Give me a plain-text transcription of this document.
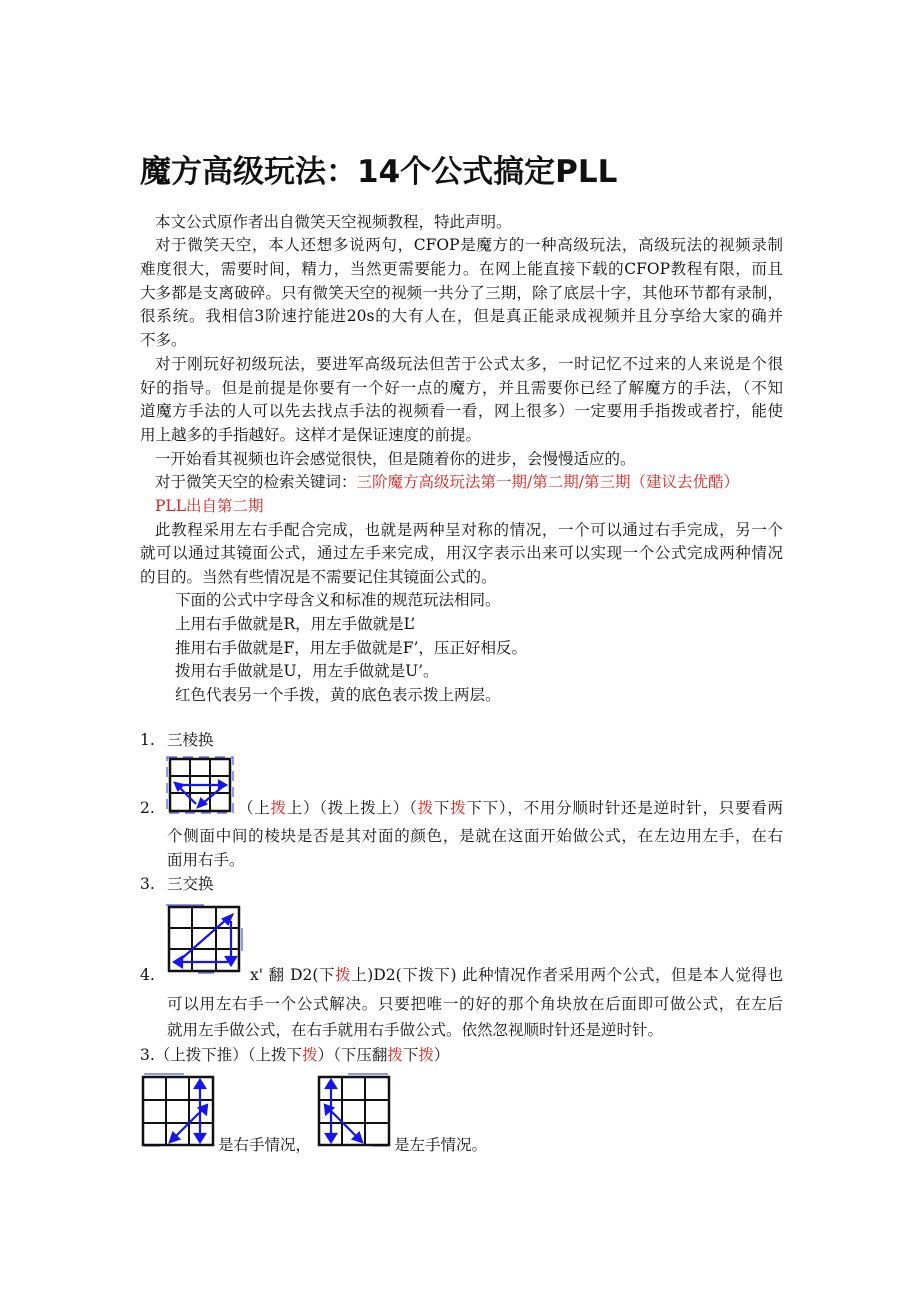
魔方高级玩法：14个公式搞定PLL
本文公式原作者出自微笑天空视频教程，特此声明。
对于微笑天空，本人还想多说两句，CFOP是魔方的一种高级玩法，高级玩法的视频录制
难度很大，需要时间，精力，当然更需要能力。在网上能直接下载的CFOP教程有限，而且
大多都是支离破碎。只有微笑天空的视频一共分了三期，除了底层十字，其他环节都有录制，
很系统。我相信3阶速拧能进20s的大有人在，但是真正能录成视频并且分享给大家的确并
不多。
对于刚玩好初级玩法，要进军高级玩法但苦于公式太多，一时记忆不过来的人来说是个很
好的指导。但是前提是你要有一个好一点的魔方，并且需要你已经了解魔方的手法，（不知
道魔方手法的人可以先去找点手法的视频看一看，网上很多）一定要用手指拨或者拧，能使
用上越多的手指越好。这样才是保证速度的前提。
一开始看其视频也许会感觉很快，但是随着你的进步，会慢慢适应的。
对于微笑天空的检索关键词：三阶魔方高级玩法第一期/第二期/第三期（建议去优酷）
PLL出自第二期
此教程采用左右手配合完成，也就是两种呈对称的情况，一个可以通过右手完成，另一个
就可以通过其镜面公式，通过左手来完成，用汉字表示出来可以实现一个公式完成两种情况
的目的。当然有些情况是不需要记住其镜面公式的。
下面的公式中字母含义和标准的规范玩法相同。
上用右手做就是R，用左手做就是L’
推用右手做就是F，用左手做就是F’，压正好相反。
拨用右手做就是U，用左手做就是U’。
红色代表另一个手拨，黄的底色表示拨上两层。
1. 三棱换
2.	（上拨上）（拨上拨上）（拨下拨下下），不用分顺时针还是逆时针，只要看两
个侧面中间的棱块是否是其对面的颜色，是就在这面开始做公式，在左边用左手，在右
面用右手。
3. 三交换
4.	x' 翻 D2(下拨上)D2(下拨下) 此种情况作者采用两个公式，但是本人觉得也
可以用左右手一个公式解决。只要把唯一的好的那个角块放在后面即可做公式，在左后
就用左手做公式，在右手就用右手做公式。依然忽视顺时针还是逆时针。
3.（上拨下推）（上拨下拨）（下压翻拨下拨）
是右手情况，	是左手情况。
